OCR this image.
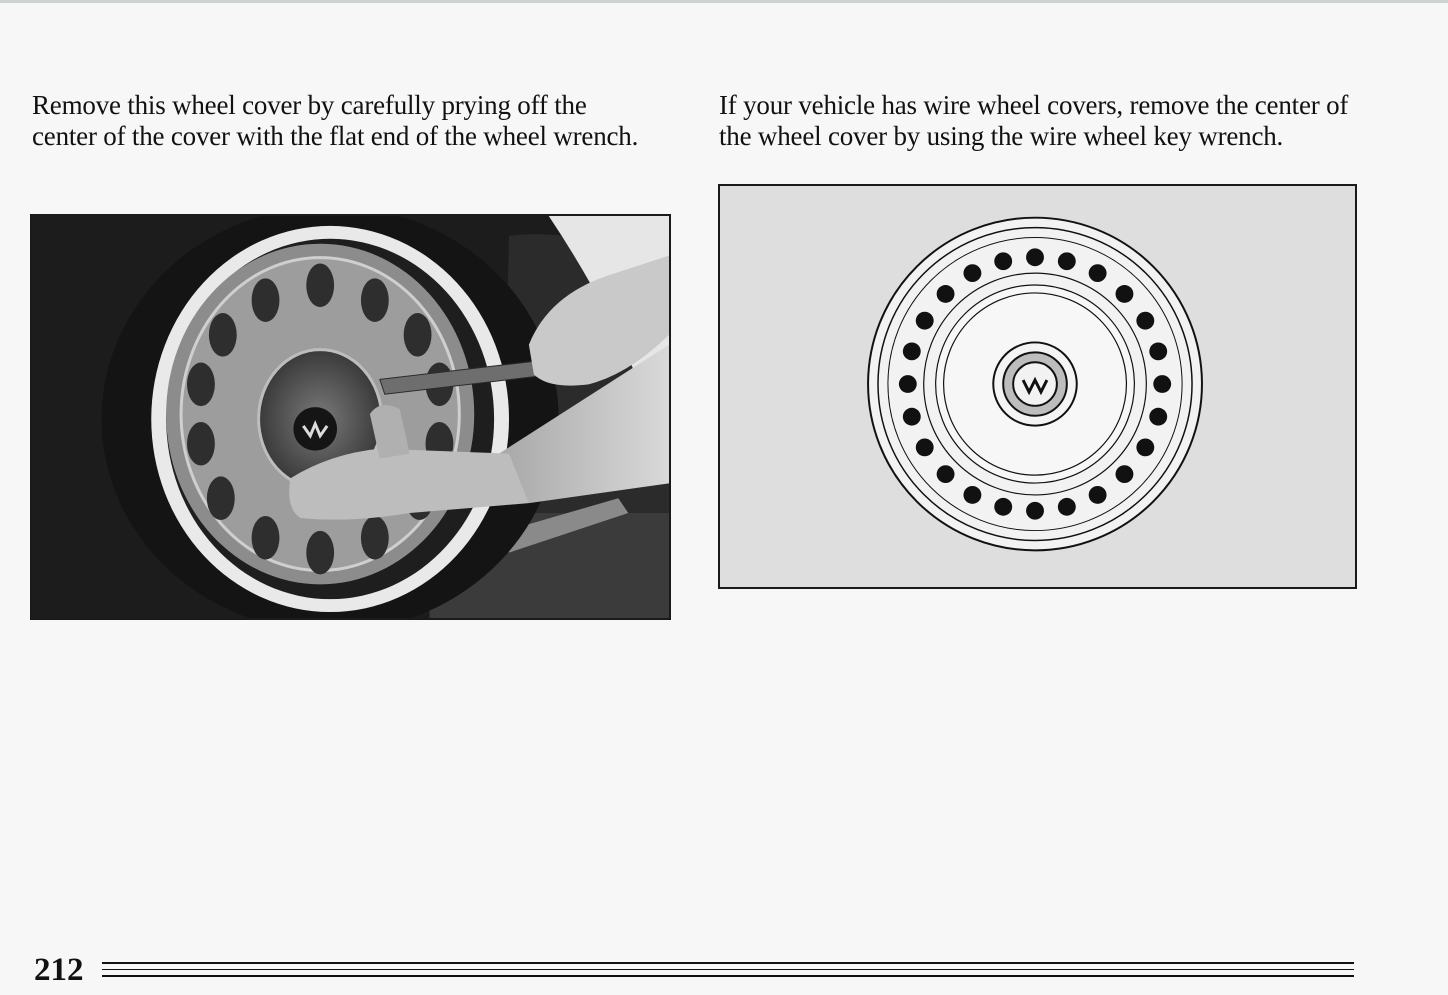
Remove this wheel cover by carefully prying off the center of the cover with the flat end of the wheel wrench.

If your vehicle has wire wheel covers, remove the center of the wheel cover by using the wire wheel key wrench.

212
